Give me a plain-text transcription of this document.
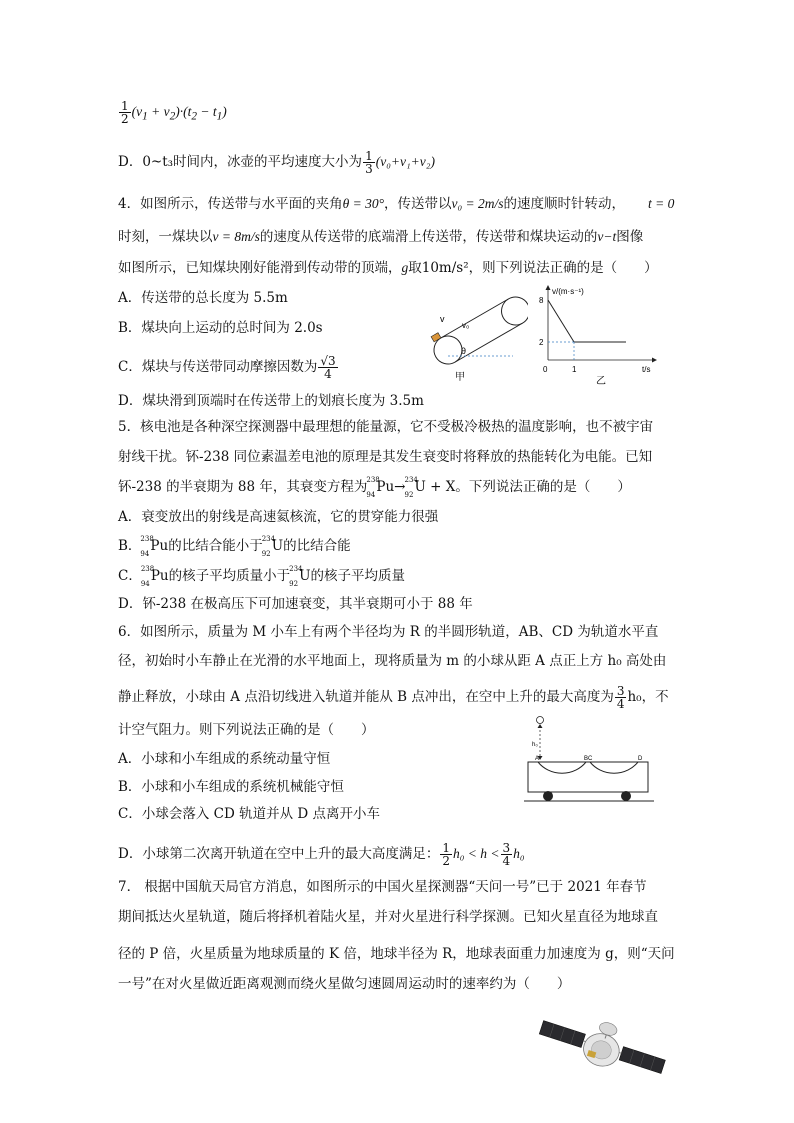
$\frac{1}{2} (v_1 + v_2)\cdot(t_2 - t_1)$
D．0~t₃时间内，冰壶的平均速度大小为 $\frac{1}{3} (v_0+v_1+v_2)$
4．如图所示，传送带与水平面的夹角θ = 30°，传送带以v₀ = 2m/s的速度顺时针转动， t = 0
时刻，一煤块以v = 8m/s的速度从传送带的底端滑上传送带，传送带和煤块运动的v−t图像
如图所示，已知煤块刚好能滑到传动带的顶端，g取10m/s²，则下列说法正确的是（　　）
A．传送带的总长度为 5.5m
B．煤块向上运动的总时间为 2.0s
C．煤块与传送带同动摩擦因数为 $\frac{√3}{4}$
D．煤块滑到顶端时在传送带上的划痕长度为 3.5m
θ
v
v₀
甲
v/(m·s⁻¹)
8
2
0	1	t/s
乙
5．核电池是各种深空探测器中最理想的能量源，它不受极冷极热的温度影响，也不被宇宙
射线干扰。钚-238 同位素温差电池的原理是其发生衰变时将释放的热能转化为电能。已知
钚-238 的半衰期为 88 年，其衰变方程为 238
94 Pu→ 234
92 U + X。下列说法正确的是（　　）
A．衰变放出的射线是高速氦核流，它的贯穿能力很强
B． 238
94 Pu的比结合能小于 234
92 U的比结合能
C． 238
94 Pu的核子平均质量小于 234
92 U的核子平均质量
D．钚-238 在极高压下可加速衰变，其半衰期可小于 88 年
6．如图所示，质量为 M 小车上有两个半径均为 R 的半圆形轨道，AB、CD 为轨道水平直
径，初始时小车静止在光滑的水平地面上，现将质量为 m 的小球从距 A 点正上方 h₀ 高处由
静止释放，小球由 A 点沿切线进入轨道并能从 B 点冲出，在空中上升的最大高度为 $\frac{3}{4} h_0$，不
计空气阻力。则下列说法正确的是（　　）
A．小球和小车组成的系统动量守恒
B．小球和小车组成的系统机械能守恒
C．小球会落入 CD 轨道并从 D 点离开小车
D．小球第二次离开轨道在空中上升的最大高度满足： $\frac{1}{2} h_0 < h < \frac{3}{4} h_0$
h₀
A	BC	D
7． 根据中国航天局官方消息，如图所示的中国火星探测器“天问一号”已于 2021 年春节
期间抵达火星轨道，随后将择机着陆火星，并对火星进行科学探测。已知火星直径为地球直
径的 P 倍，火星质量为地球质量的 K 倍，地球半径为 R，地球表面重力加速度为 g，则“天问
一号”在对火星做近距离观测而绕火星做匀速圆周运动时的速率约为（　　）
